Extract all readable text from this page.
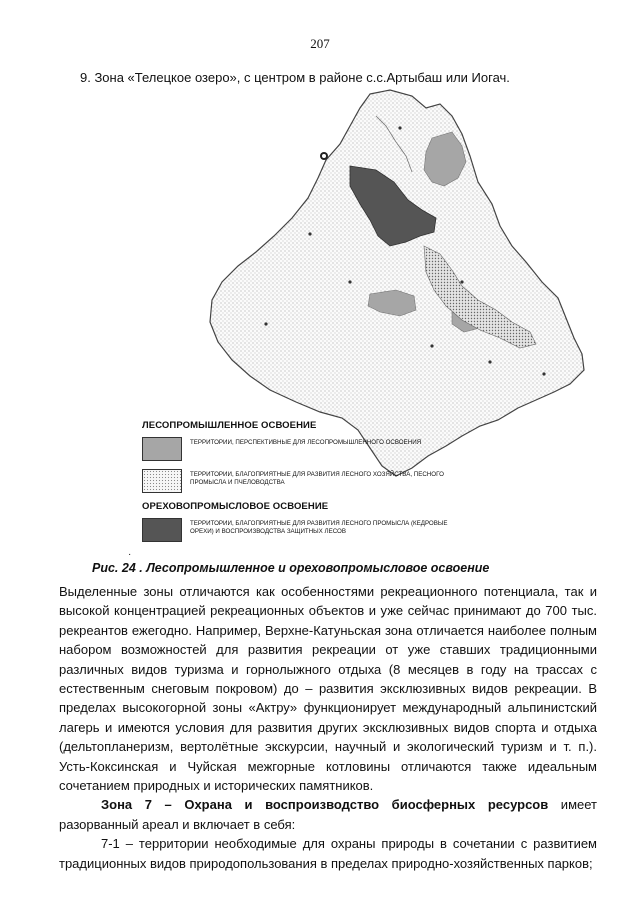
207
9. Зона «Телецкое озеро», с центром в районе с.с.Артыбаш или Иогач.
ЛЕСОПРОМЫШЛЕННОЕ ОСВОЕНИЕ
ТЕРРИТОРИИ, ПЕРСПЕКТИВНЫЕ ДЛЯ ЛЕСОПРОМЫШЛЕННОГО ОСВОЕНИЯ
ТЕРРИТОРИИ, БЛАГОПРИЯТНЫЕ ДЛЯ РАЗВИТИЯ ЛЕСНОГО ХОЗЯЙСТВА, ПЕСНОГО ПРОМЫСЛА И ПЧЕЛОВОДСТВА
ОРЕХОВОПРОМЫСЛОВОЕ ОСВОЕНИЕ
ТЕРРИТОРИИ, БЛАГОПРИЯТНЫЕ ДЛЯ РАЗВИТИЯ ЛЕСНОГО ПРОМЫСЛА (КЕДРОВЫЕ ОРЕХИ) И ВОСПРОИЗВОДСТВА ЗАЩИТНЫХ ЛЕСОВ
·
Рис. 24 . Лесопромышленное и ореховопромысловое освоение

Выделенные зоны отличаются как особенностями рекреационного потенциала, так и высокой концентрацией рекреационных объектов и уже сейчас принимают до 700 тыс. рекреантов ежегодно. Например, Верхне-Катуньская зона отличается наиболее полным набором возможностей для развития рекреации от уже ставших традиционными различных видов туризма и горнолыжного отдыха (8 месяцев в году на трассах с естественным снеговым покровом) до – развития эксклюзивных видов рекреации. В пределах высокогорной зоны «Актру» функционирует международный альпинистский лагерь и имеются условия для развития других эксклюзивных видов спорта и отдыха (дельтопланеризм, вертолётные экскурсии, научный и экологический туризм и т. п.). Усть-Коксинская и Чуйская межгорные котловины отличаются также идеальным сочетанием природных и исторических памятников.

Зона 7 – Охрана и воспроизводство биосферных ресурсов имеет разорванный ареал и включает в себя:

7-1 – территории необходимые для охраны природы в сочетании с развитием традиционных видов природопользования в пределах природно-хозяйственных парков;
